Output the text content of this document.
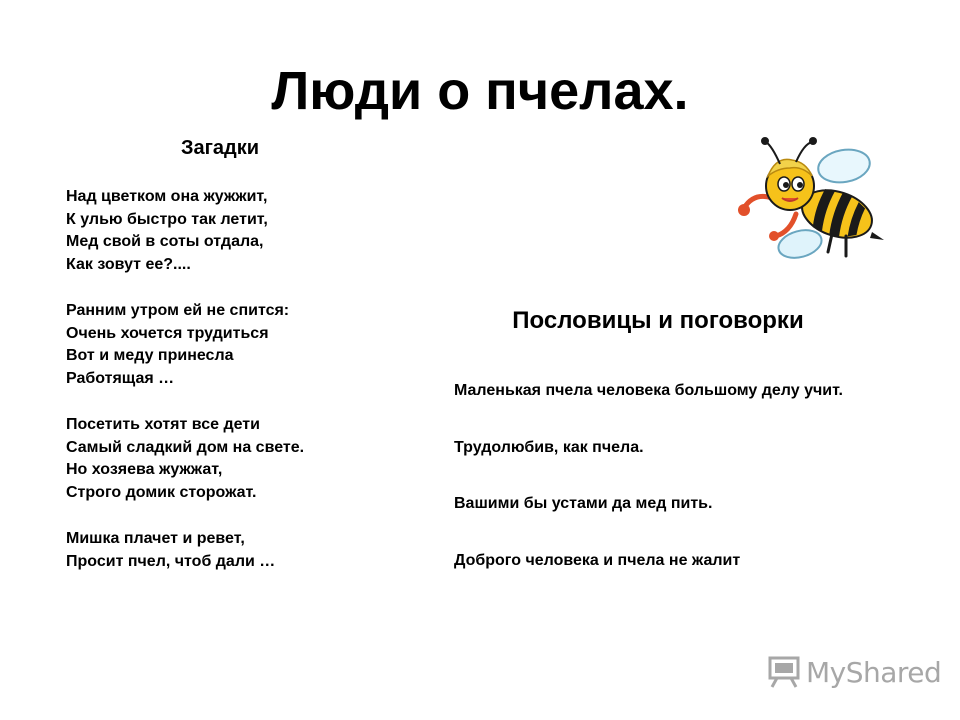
Люди о пчелах.
Загадки
Над цветком она жужжит,
К улью быстро так летит,
Мед свой в соты отдала,
Как зовут ее?....
Ранним утром ей не спится:
Очень хочется трудиться
Вот и меду принесла
Работящая …
Посетить хотят все дети
Самый сладкий дом на свете.
Но хозяева жужжат,
Строго домик сторожат.
Мишка плачет и ревет,
Просит пчел, чтоб дали …
Пословицы и поговорки

Маленькая пчела человека большому делу учит.

Трудолюбив, как пчела.

Вашими бы устами да мед пить.

Доброго человека и пчела не жалит

MyShared
